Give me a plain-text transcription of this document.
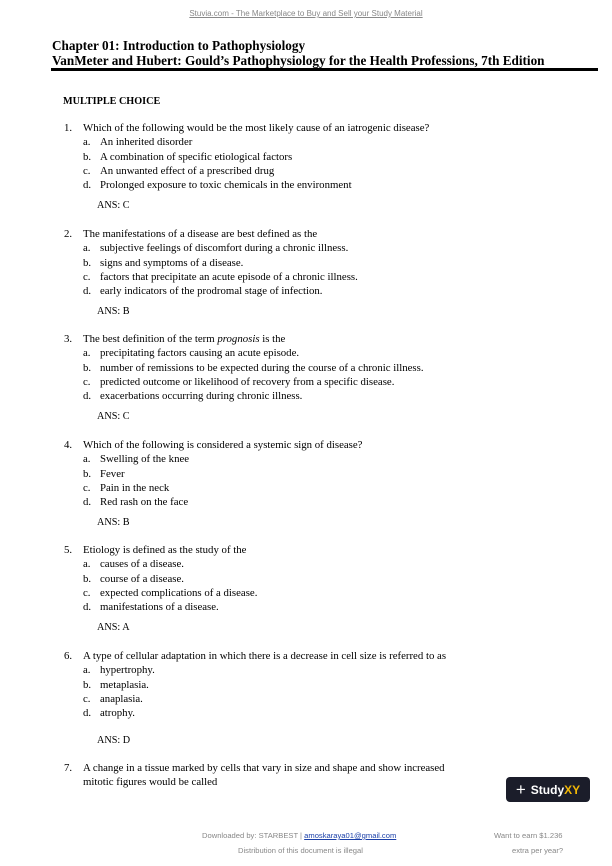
Stuvia.com - The Marketplace to Buy and Sell your Study Material
Chapter 01: Introduction to Pathophysiology
VanMeter and Hubert: Gould’s Pathophysiology for the Health Professions, 7th Edition
MULTIPLE CHOICE
1.	Which of the following would be the most likely cause of an iatrogenic disease?
a. An inherited disorder
b. A combination of specific etiological factors
c. An unwanted effect of a prescribed drug
d. Prolonged exposure to toxic chemicals in the environment
ANS: C
2.	The manifestations of a disease are best defined as the
a. subjective feelings of discomfort during a chronic illness.
b. signs and symptoms of a disease.
c. factors that precipitate an acute episode of a chronic illness.
d. early indicators of the prodromal stage of infection.
ANS: B
3.	The best definition of the term prognosis is the
a. precipitating factors causing an acute episode.
b. number of remissions to be expected during the course of a chronic illness.
c. predicted outcome or likelihood of recovery from a specific disease.
d. exacerbations occurring during chronic illness.
ANS: C
4.	Which of the following is considered a systemic sign of disease?
a. Swelling of the knee
b. Fever
c. Pain in the neck
d. Red rash on the face
ANS: B
5.	Etiology is defined as the study of the
a. causes of a disease.
b. course of a disease.
c. expected complications of a disease.
d. manifestations of a disease.
ANS: A
6.	A type of cellular adaptation in which there is a decrease in cell size is referred to as
a. hypertrophy.
b. metaplasia.
c. anaplasia.
d. atrophy.
ANS: D
7.	A change in a tissue marked by cells that vary in size and shape and show increased
mitotic figures would be called	+ StudyXY
Downloaded by: STARBEST | amoskaraya01@gmail.com
Distribution of this document is illegal
Want to earn $1.236
extra per year?
